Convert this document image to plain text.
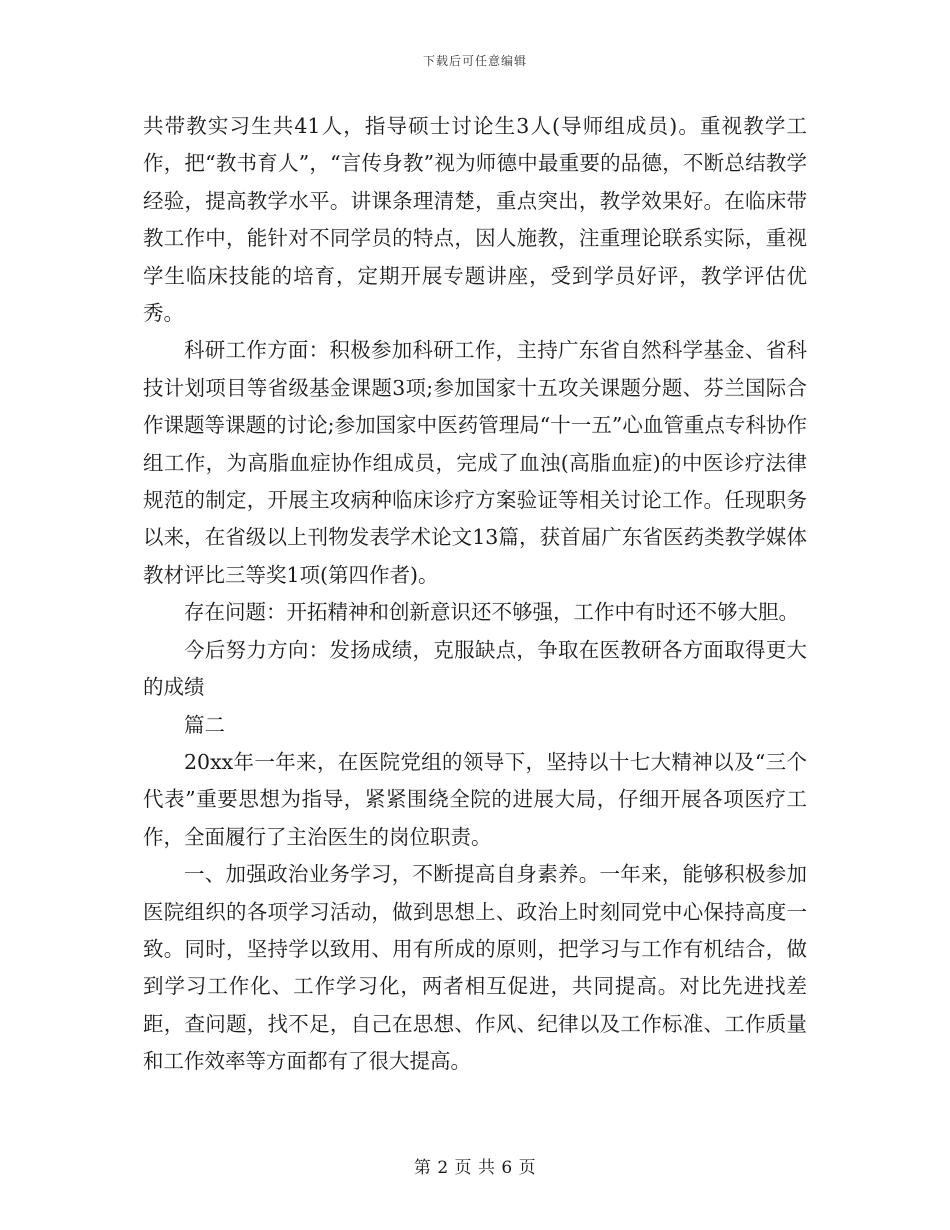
下载后可任意编辑

共带教实习生共41人，指导硕士讨论生3人(导师组成员)。重视教学工作，把“教书育人”，“言传身教”视为师德中最重要的品德，不断总结教学经验，提高教学水平。讲课条理清楚，重点突出，教学效果好。在临床带教工作中，能针对不同学员的特点，因人施教，注重理论联系实际，重视学生临床技能的培育，定期开展专题讲座，受到学员好评，教学评估优秀。

科研工作方面：积极参加科研工作，主持广东省自然科学基金、省科技计划项目等省级基金课题3项;参加国家十五攻关课题分题、芬兰国际合作课题等课题的讨论;参加国家中医药管理局“十一五”心血管重点专科协作组工作，为高脂血症协作组成员，完成了血浊(高脂血症)的中医诊疗法律规范的制定，开展主攻病种临床诊疗方案验证等相关讨论工作。任现职务以来，在省级以上刊物发表学术论文13篇，获首届广东省医药类教学媒体教材评比三等奖1项(第四作者)。

存在问题：开拓精神和创新意识还不够强，工作中有时还不够大胆。

今后努力方向：发扬成绩，克服缺点，争取在医教研各方面取得更大的成绩

篇二

20xx年一年来，在医院党组的领导下，坚持以十七大精神以及“三个代表”重要思想为指导，紧紧围绕全院的进展大局，仔细开展各项医疗工作，全面履行了主治医生的岗位职责。

一、加强政治业务学习，不断提高自身素养。一年来，能够积极参加医院组织的各项学习活动，做到思想上、政治上时刻同党中心保持高度一致。同时，坚持学以致用、用有所成的原则，把学习与工作有机结合，做到学习工作化、工作学习化，两者相互促进，共同提高。对比先进找差距，查问题，找不足，自己在思想、作风、纪律以及工作标准、工作质量和工作效率等方面都有了很大提高。

第 2 页 共 6 页
